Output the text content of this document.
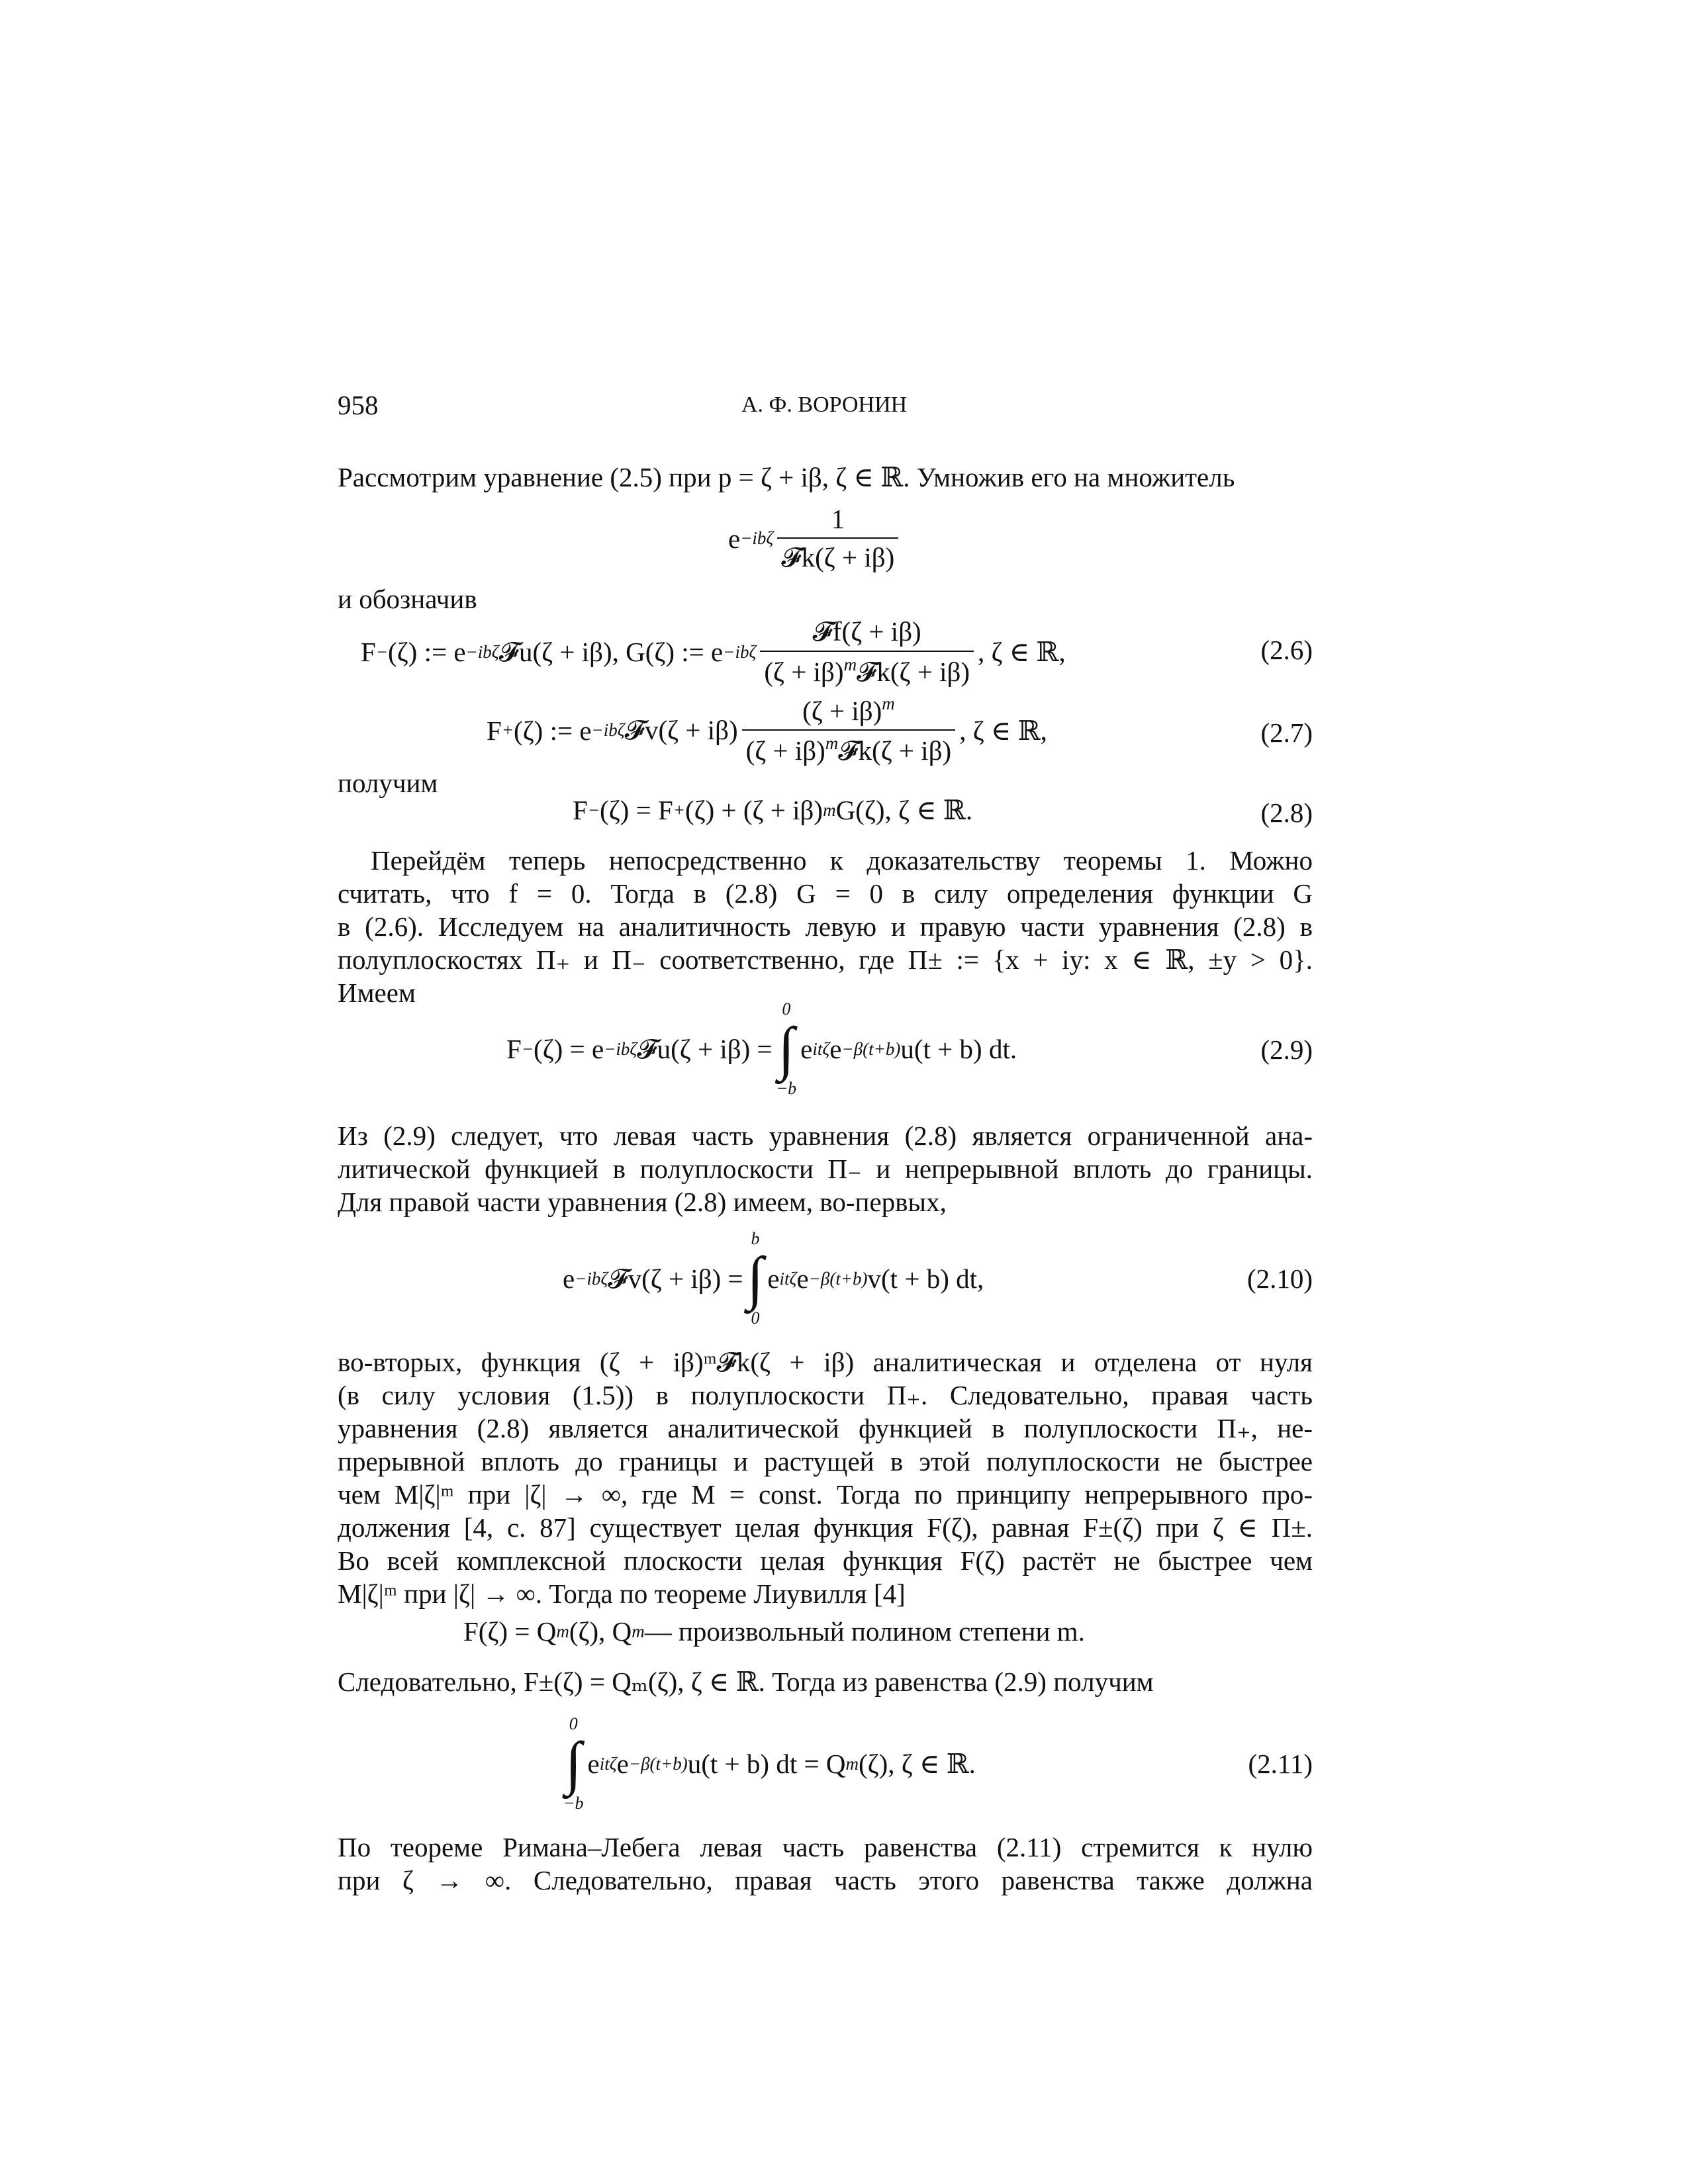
958	А. Ф. ВОРОНИН
Рассмотрим уравнение (2.5) при p = ζ + iβ, ζ ∈ ℝ. Умножив его на множитель
и обозначив
получим
Перейдём теперь непосредственно к доказательству теоремы 1. Можно
считать, что f = 0. Тогда в (2.8) G = 0 в силу определения функции G
в (2.6). Исследуем на аналитичность левую и правую части уравнения (2.8) в
полуплоскостях Π₊ и Π₋ соответственно, где Π± := {x + iy: x ∈ ℝ, ±y > 0}.
Имеем
Из (2.9) следует, что левая часть уравнения (2.8) является ограниченной ана-
литической функцией в полуплоскости Π₋ и непрерывной вплоть до границы.
Для правой части уравнения (2.8) имеем, во-первых,
во-вторых, функция (ζ + iβ)ᵐ𝓕k(ζ + iβ) аналитическая и отделена от нуля
(в силу условия (1.5)) в полуплоскости Π₊. Следовательно, правая часть
уравнения (2.8) является аналитической функцией в полуплоскости Π₊, не-
прерывной вплоть до границы и растущей в этой полуплоскости не быстрее
чем M|ζ|ᵐ при |ζ| → ∞, где M = const. Тогда по принципу непрерывного про-
должения [4, с. 87] существует целая функция F(ζ), равная F±(ζ) при ζ ∈ Π±.
Во всей комплексной плоскости целая функция F(ζ) растёт не быстрее чем
M|ζ|ᵐ при |ζ| → ∞. Тогда по теореме Лиувилля [4]
Следовательно, F±(ζ) = Qₘ(ζ), ζ ∈ ℝ. Тогда из равенства (2.9) получим
По теореме Римана–Лебега левая часть равенства (2.11) стремится к нулю
при ζ → ∞. Следовательно, правая часть этого равенства также должна
$e -ib\zeta \frac{1}{\text{𝓕k(ζ + iβ)}}$
F − (ζ) := e −ibζ 𝓕u(ζ + iβ), G(ζ) := $e -ib\zeta \frac{\text{𝓕f(ζ + iβ)}}{(\zeta + i\beta)^m𝓕k(\zeta + i\beta)}$ , ζ ∈ ℝ,
F + (ζ) := e −ibζ 𝓕v(ζ + $i\beta) \frac{(\zeta + i\beta)^m}{(\zeta + i\beta)^m𝓕k(\zeta + i\beta)}$ , ζ ∈ ℝ,
F − (ζ) = F + (ζ) + (ζ + iβ) m G(ζ), ζ ∈ ℝ.
F − (ζ) = e −ibζ 𝓕u(ζ + iβ) =
0
∫
−b
e itζ e −β(t+b) u(t + b) dt.
e −ibζ 𝓕v(ζ + iβ) =
b
∫
0
e itζ e −β(t+b) v(t + b) dt,
F(ζ) = Q m (ζ), Q m — произвольный полином степени m.
0
∫
−b
e itζ e −β(t+b) u(t + b) dt = Q m (ζ), ζ ∈ ℝ.
(2.6)
(2.7)
(2.8)
(2.9)
(2.10)
(2.11)
